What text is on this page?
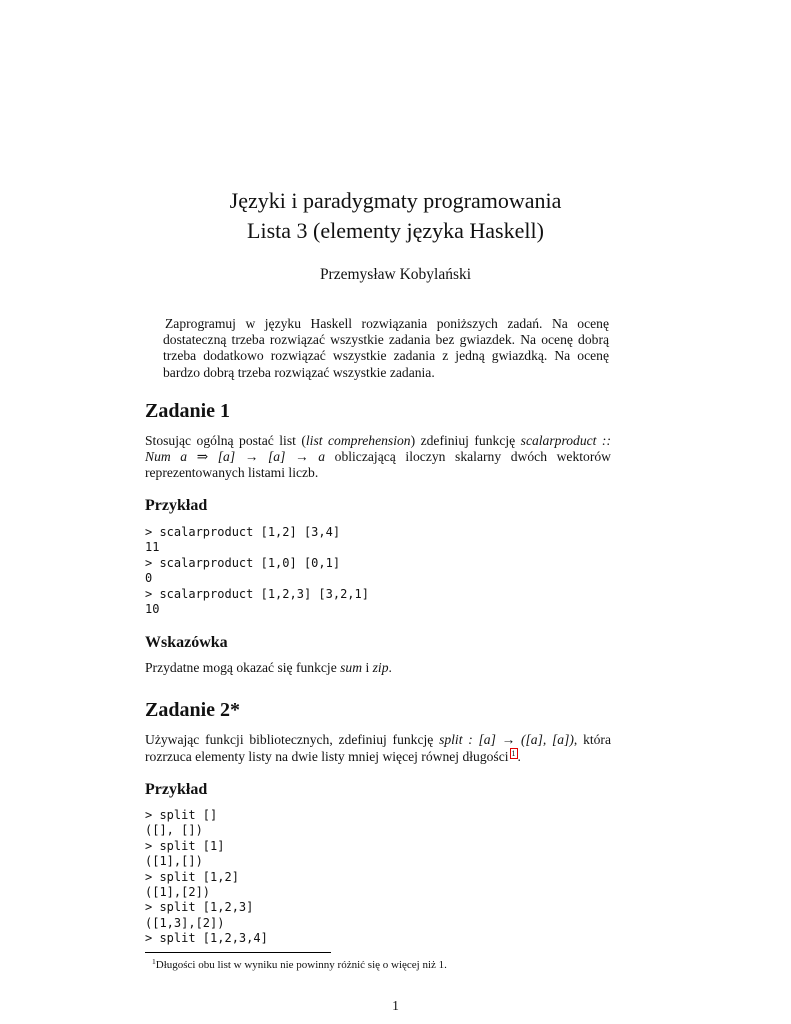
Języki i paradygmaty programowania
Lista 3 (elementy języka Haskell)
Przemysław Kobylański
Zaprogramuj w języku Haskell rozwiązania poniższych zadań. Na ocenę dostateczną trzeba rozwiązać wszystkie zadania bez gwiazdek. Na ocenę dobrą trzeba dodatkowo rozwiązać wszystkie zadania z jedną gwiazdką. Na ocenę bardzo dobrą trzeba rozwiązać wszystkie zadania.
Zadanie 1
Stosując ogólną postać list (list comprehension) zdefiniuj funkcję scalarproduct :: Num a ⇒ [a] → [a] → a obliczającą iloczyn skalarny dwóch wektorów reprezentowanych listami liczb.
Przykład
> scalarproduct [1,2] [3,4]
11
> scalarproduct [1,0] [0,1]
0
> scalarproduct [1,2,3] [3,2,1]
10
Wskazówka
Przydatne mogą okazać się funkcje sum i zip.
Zadanie 2*
Używając funkcji bibliotecznych, zdefiniuj funkcję split : [a] → ([a], [a]), która rozrzuca elementy listy na dwie listy mniej więcej równej długości 1 .
Przykład
> split []
([], [])
> split [1]
([1],[])
> split [1,2]
([1],[2])
> split [1,2,3]
([1,3],[2])
> split [1,2,3,4]
$^1$Długości obu list w wyniku nie powinny różnić się o więcej niż 1.
1
